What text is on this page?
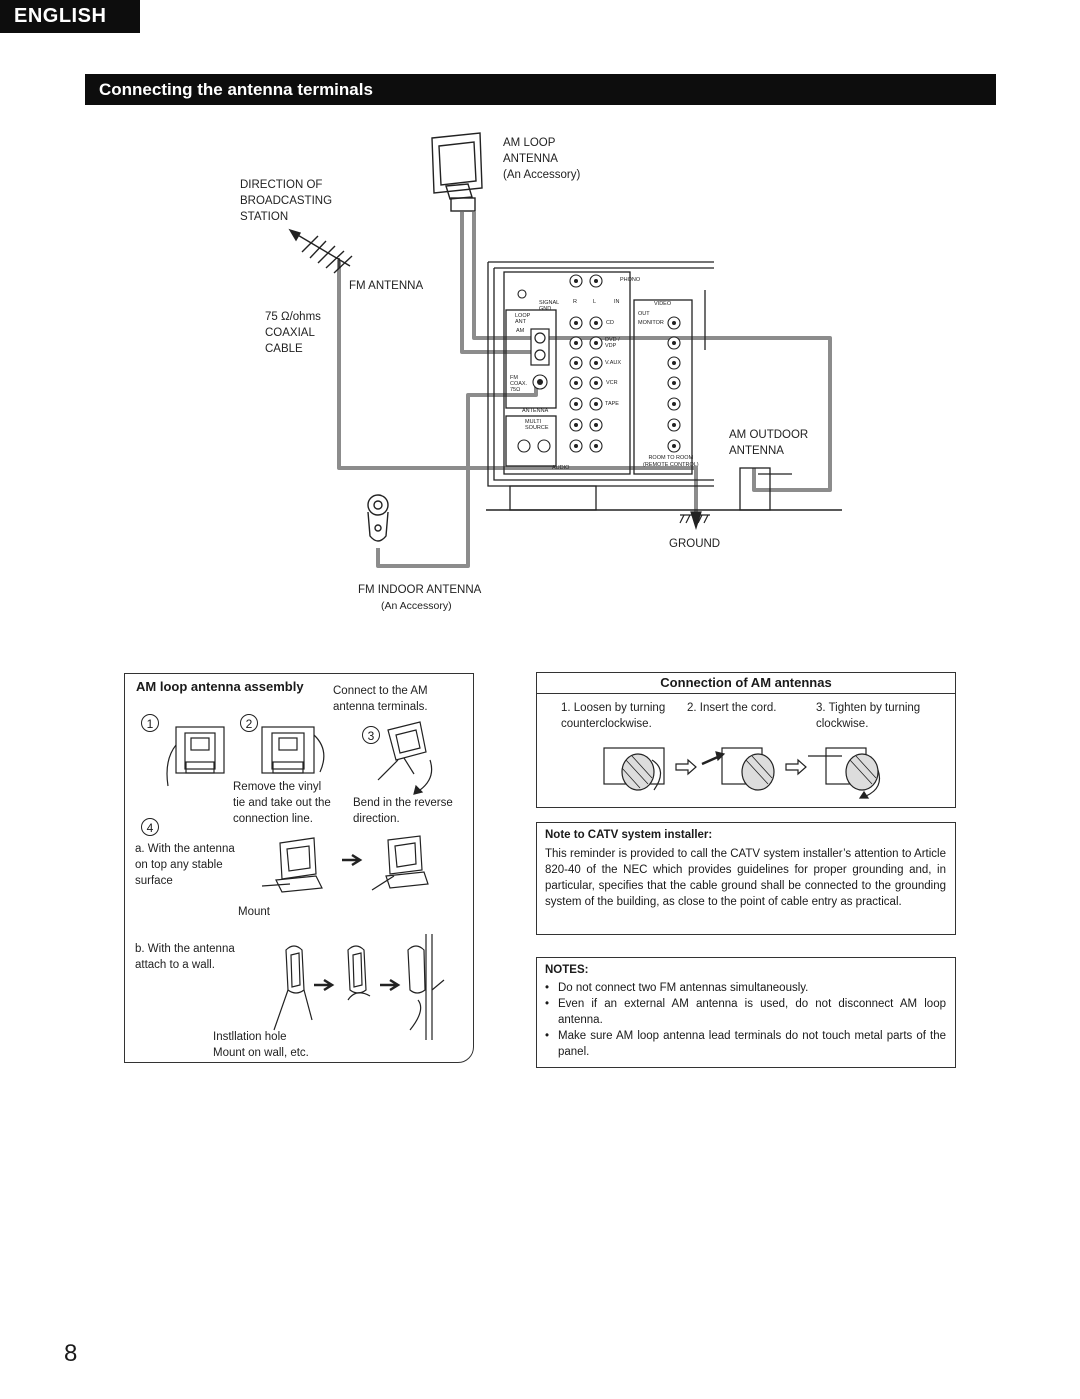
ENGLISH
Connecting the antenna terminals
AM LOOP
ANTENNA
(An Accessory)
DIRECTION OF
BROADCASTING
STATION
FM ANTENNA
75 Ω/ohms
COAXIAL
CABLE
AM OUTDOOR
ANTENNA
GROUND
FM INDOOR ANTENNA
(An Accessory)
PHONO
SIGNAL
GND
R	L	IN	VIDEO
OUT
LOOP
ANT
AM
FM
COAX.
75Ω
ANTENNA
MULTI
SOURCE
AUDIO
CD	MONITOR
DVD /
VDP
V.AUX
VCR
TAPE
ROOM TO ROOM
(REMOTE CONTROL)
AM loop antenna assembly
1	2
3
4
Connect to the AM
antenna terminals.
Remove the vinyl
tie and take out the
connection line.
Bend in the reverse
direction.
a. With the antenna
on top any stable
surface
Mount
b. With the antenna
attach to a wall.
Instllation hole
Mount on wall, etc.
Connection of AM antennas
1. Loosen by turning
counterclockwise.
2. Insert the cord.	3. Tighten by turning
clockwise.
Note to CATV system installer:
This reminder is provided to call the CATV system installer’s attention to Article 820-40 of the NEC which provides guidelines for proper grounding and, in particular, specifies that the cable ground shall be connected to the grounding system of the building, as close to the point of cable entry as practical.
NOTES:
• Do not connect two FM antennas simultaneously.
• Even if an external AM antenna is used, do not disconnect AM loop antenna.
• Make sure AM loop antenna lead terminals do not touch metal parts of the panel.
8
